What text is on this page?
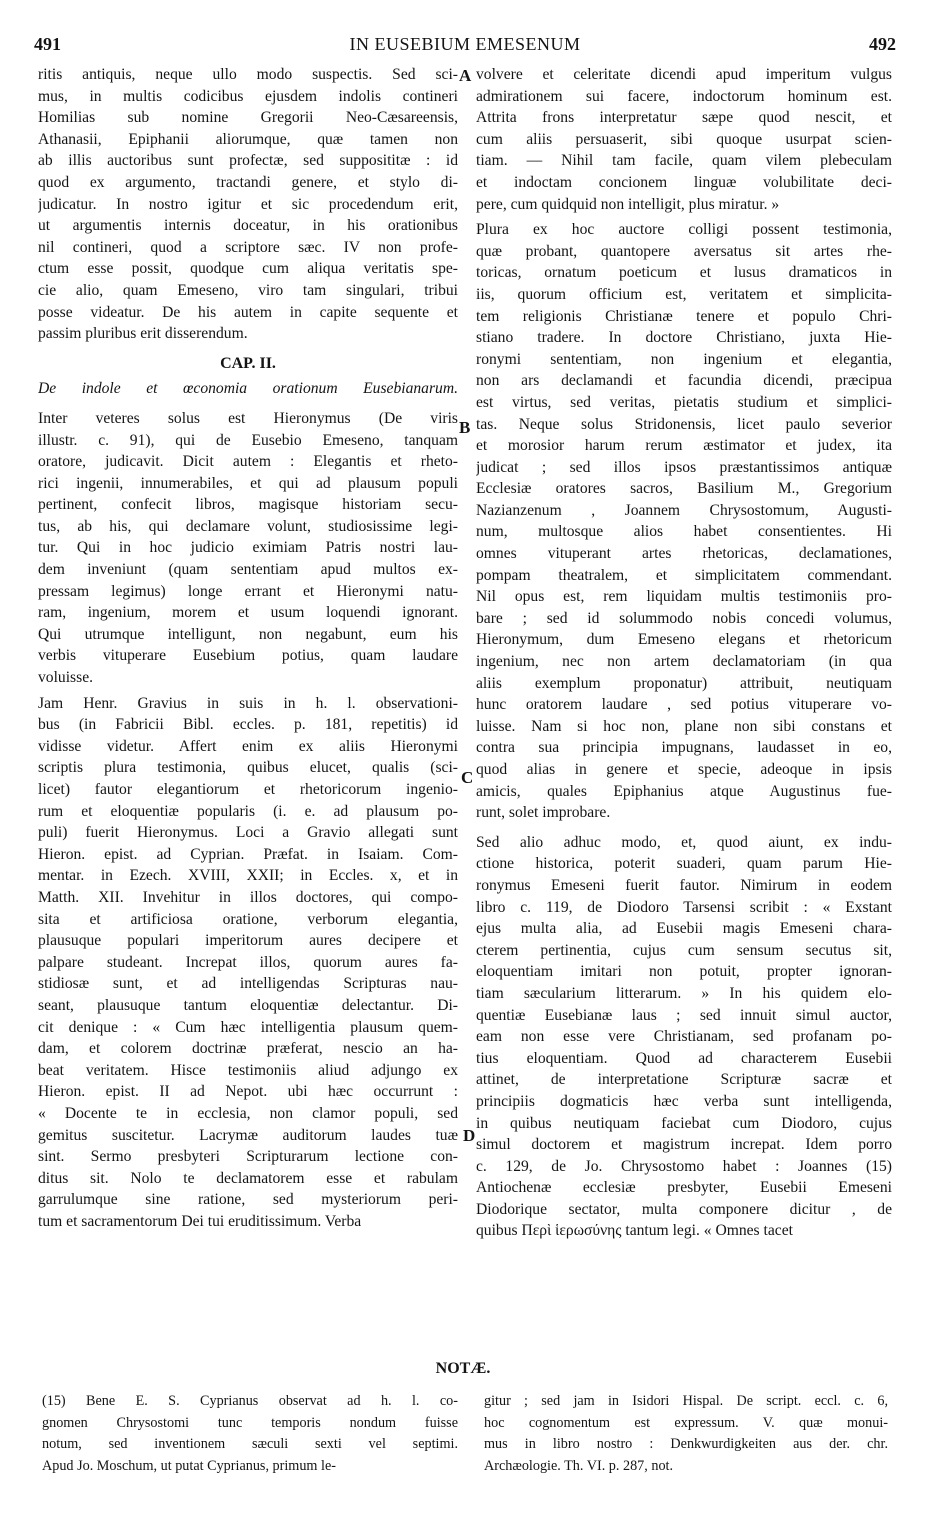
491	IN EUSEBIUM EMESENUM	492
ritis antiquis, neque ullo modo suspectis. Sed sci-
mus, in multis codicibus ejusdem indolis contineri
Homilias sub nomine Gregorii Neo-Cæsareensis,
Athanasii, Epiphanii aliorumque, quæ tamen non
ab illis auctoribus sunt profectæ, sed supposititæ : id
quod ex argumento, tractandi genere, et stylo di-
judicatur. In nostro igitur et sic procedendum erit,
ut argumentis internis doceatur, in his orationibus
nil contineri, quod a scriptore sæc. IV non profe-
ctum esse possit, quodque cum aliqua veritatis spe-
cie alio, quam Emeseno, viro tam singulari, tribui
posse videatur. De his autem in capite sequente et
passim pluribus erit disserendum.
CAP. II.
De indole et œconomia orationum Eusebianarum.
Inter veteres solus est Hieronymus (De viris
illustr. c. 91), qui de Eusebio Emeseno, tanquam
oratore, judicavit. Dicit autem : Elegantis et rheto-
rici ingenii, innumerabiles, et qui ad plausum populi
pertinent, confecit libros, magisque historiam secu-
tus, ab his, qui declamare volunt, studiosissime legi-
tur. Qui in hoc judicio eximiam Patris nostri lau-
dem inveniunt (quam sententiam apud multos ex-
pressam legimus) longe errant et Hieronymi natu-
ram, ingenium, morem et usum loquendi ignorant.
Qui utrumque intelligunt, non negabunt, eum his
verbis vituperare Eusebium potius, quam laudare
voluisse.
Jam Henr. Gravius in suis in h. l. observationi-
bus (in Fabricii Bibl. eccles. p. 181, repetitis) id
vidisse videtur. Affert enim ex aliis Hieronymi
scriptis plura testimonia, quibus elucet, qualis (sci-
licet) fautor elegantiorum et rhetoricorum ingenio-
rum et eloquentiæ popularis (i. e. ad plausum po-
puli) fuerit Hieronymus. Loci a Gravio allegati sunt
Hieron. epist. ad Cyprian. Præfat. in Isaiam. Com-
mentar. in Ezech. XVIII, XXII; in Eccles. x, et in
Matth. XII. Invehitur in illos doctores, qui compo-
sita et artificiosa oratione, verborum elegantia,
plausuque populari imperitorum aures decipere et
palpare studeant. Increpat illos, quorum aures fa-
stidiosæ sunt, et ad intelligendas Scripturas nau-
seant, plausuque tantum eloquentiæ delectantur. Di-
cit denique : « Cum hæc intelligentia plausum quem-
dam, et colorem doctrinæ præferat, nescio an ha-
beat veritatem. Hisce testimoniis aliud adjungo ex
Hieron. epist. II ad Nepot. ubi hæc occurrunt :
« Docente te in ecclesia, non clamor populi, sed
gemitus suscitetur. Lacrymæ auditorum laudes tuæ
sint. Sermo presbyteri Scripturarum lectione con-
ditus sit. Nolo te declamatorem esse et rabulam
garrulumque sine ratione, sed mysteriorum peri-
tum et sacramentorum Dei tui eruditissimum. Verba
volvere et celeritate dicendi apud imperitum vulgus
admirationem sui facere, indoctorum hominum est.
Attrita frons interpretatur sæpe quod nescit, et
cum aliis persuaserit, sibi quoque usurpat scien-
tiam. — Nihil tam facile, quam vilem plebeculam
et indoctam concionem linguæ volubilitate deci-
pere, cum quidquid non intelligit, plus miratur. »
Plura ex hoc auctore colligi possent testimonia,
quæ probant, quantopere aversatus sit artes rhe-
toricas, ornatum poeticum et lusus dramaticos in
iis, quorum officium est, veritatem et simplicita-
tem religionis Christianæ tenere et populo Chri-
stiano tradere. In doctore Christiano, juxta Hie-
ronymi sententiam, non ingenium et elegantia,
non ars declamandi et facundia dicendi, præcipua
est virtus, sed veritas, pietatis studium et simplici-
tas. Neque solus Stridonensis, licet paulo severior
et morosior harum rerum æstimator et judex, ita
judicat ; sed illos ipsos præstantissimos antiquæ
Ecclesiæ oratores sacros, Basilium M., Gregorium
Nazianzenum , Joannem Chrysostomum, Augusti-
num, multosque alios habet consentientes. Hi
omnes vituperant artes rhetoricas, declamationes,
pompam theatralem, et simplicitatem commendant.
Nil opus est, rem liquidam multis testimoniis pro-
bare ; sed id solummodo nobis concedi volumus,
Hieronymum, dum Emeseno elegans et rhetoricum
ingenium, nec non artem declamatoriam (in qua
aliis exemplum proponatur) attribuit, neutiquam
hunc oratorem laudare , sed potius vituperare vo-
luisse. Nam si hoc non, plane non sibi constans et
contra sua principia impugnans, laudasset in eo,
quod alias in genere et specie, adeoque in ipsis
amicis, quales Epiphanius atque Augustinus fue-
runt, solet improbare.
Sed alio adhuc modo, et, quod aiunt, ex indu-
ctione historica, poterit suaderi, quam parum Hie-
ronymus Emeseni fuerit fautor. Nimirum in eodem
libro c. 119, de Diodoro Tarsensi scribit : « Exstant
ejus multa alia, ad Eusebii magis Emeseni chara-
cterem pertinentia, cujus cum sensum secutus sit,
eloquentiam imitari non potuit, propter ignoran-
tiam sæcularium litterarum. » In his quidem elo-
quentiæ Eusebianæ laus ; sed innuit simul auctor,
eam non esse vere Christianam, sed profanam po-
tius eloquentiam. Quod ad characterem Eusebii
attinet, de interpretatione Scripturæ sacræ et
principiis dogmaticis hæc verba sunt intelligenda,
in quibus neutiquam faciebat cum Diodoro, cujus
simul doctorem et magistrum increpat. Idem porro
c. 129, de Jo. Chrysostomo habet : Joannes (15)
Antiochenæ ecclesiæ presbyter, Eusebii Emeseni
Diodorique sectator, multa componere dicitur , de
quibus Περὶ ἱερωσύνης tantum legi. « Omnes tacet
A
B
C
D
NOTÆ.
(15) Bene E. S. Cyprianus observat ad h. l. co-
gnomen Chrysostomi tunc temporis nondum fuisse
notum, sed inventionem sæculi sexti vel septimi.
Apud Jo. Moschum, ut putat Cyprianus, primum le-
gitur ; sed jam in Isidori Hispal. De script. eccl. c. 6,
hoc cognomentum est expressum. V. quæ monui-
mus in libro nostro : Denkwurdigkeiten aus der. chr.
Archæologie. Th. VI. p. 287, not.
